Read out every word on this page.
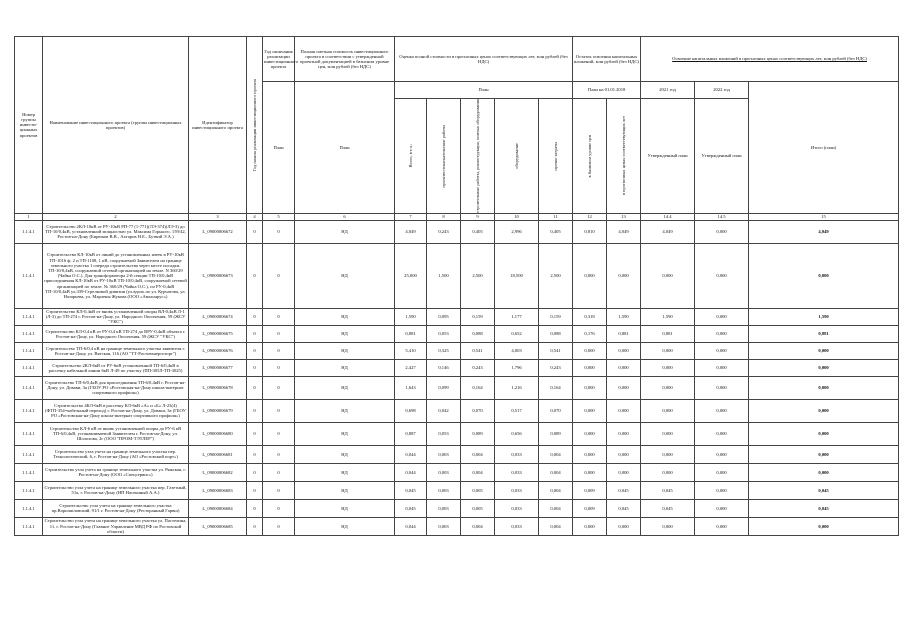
Номер группы инвести-ционных проектов	Наименование инвестиционного проекта (группы инвестиционных проектов)	Идентификатор инвестиционного проекта	Год начала реализации инвестиционного проекта	Год окончания реализации инвестиционного проекта	Полная сметная стоимость инвестиционного проекта в соответствии с утвержденной проектной документацией в базисном уровне цен, млн рублей (без НДС)	Оценка полной стоимости в прогнозных ценах соответствующих лет, млн рублей (без НДС)					Остаток освоения капитальных вложений, млн рублей (без НДС)		Освоение капитальных вложений в прогнозных ценах соответствующих лет, млн рублей (без НДС)		
				План	План	План					План на 01.01.2018		2021 год	2022 год	Итого (план)

						Всего, в т.ч.:	проектно-изыскательские работы	строительные работы, реконструкция, монтаж оборудования	оборудование	прочие затраты	в базисном уровне цен	в прогнозных ценах соответствующих лет	Утвержденный план	Утвержденный план	
1	2	3	4	5	6	7	8	9	10	11	12	13	14.4	14.5	15
1.1.4.1	Строительство 2КЛ-10кВ от РУ-10кВ РП-77 (1-771)(ЛЭ-374)(ЛЭ-3) до ТП-10/0,4кВ, установленной мощностью ул. Максима Горького, 159/42, Ростов-на-Дону (Бирюков В.В., Ахтаров Н.Е., Бутвий Э.А.)	L_09000006672	0	0	НД	4,049	0,243	0,405	2,996	0,405	0,810	4,049	4,049	0,000	4,049
1.1.4.1	Строительство КЛ-10кВ от линий до установленных ячеек в РУ-10кВ ТП-1016 ф. 2 и ТП-1108, 1 кВ, сооружаемой Заявителем на границе земельного участка 1 очереди строительства через месте посадки. ТП-10/0,4кВ, сооружаемой сетевой организацией на земле. N 360/29 (Чайка О.С.). Для трансформатора 2-й секции ТП-10/0,4кВ присоединения КЛ-10кВ от РУ-10кВ ТП-10/0,4кВ, сооружаемой сетевой организацией по земле. № 360/29 (Чайка О.С.), по РУ-0,4кВ ТП-10/0,4кВ ул.339-Стрелковой дивизии (ул.вдоль по ул. Курчатова, ул. Назарьева, ул. Марлены Жукова (ООО «Авалонрус»)	L_09000006673	0	0	НД	25,000	1,500	2,500	18,500	2,500	0,000	0,000	0,000	0,000	0,000
1.1.4.1	Строительство КЛ-0,4кВ от вновь установленной опоры ВЛ-0,4кВ Л-1 (Л-3) до ТП-274 г. Ростов-на-Дону, ул. Народного Ополчения, 59 (ЖСУ "УКС")	L_09000006674	0	0	НД	1,590	0,095	0,159	1,177	0,159	0,318	1,590	1,590	0,000	1,590
1.1.4.1	Строительство КЛ-0,4 кВ от РУ-0,4 кВ ТП-274 до ВРУ-0,4кВ объекта г. Ростов-на-Дону, ул. Народного Ополчения, 59 (ЖСУ "УКС")	L_09000006675	0	0	НД	0,881	0,053	0,088	0,652	0,088	0,176	0,881	0,881	0,000	0,881
1.1.4.1	Строительство ТП-6/0,4 кВ на границе земельного участка заявителя г. Ростов-на-Дону, ул. Вятская, 116 (АО "ТТ-Ростовэнерготорг")	L_09000006676	0	0	НД	5,410	0,325	0,541	4,003	0,541	0,000	0,000	0,000	0,000	0,000
1.1.4.1	Строительство 2КЛ-6кВ от РУ-6кВ установленной ТП-6/0,4кВ в рассечку кабельной линии 6кВ Л-49 по участку (ПП-305Л-ТП-3025)	L_09000006677	0	0	НД	2,427	0,146	0,243	1,796	0,243	0,000	0,000	0,000	0,000	0,000
1.1.4.1	Строительство ТП-6/0,4кВ для присоединения ТП-6/0,4кВ г. Ростов-на-Дону, ул. Доваки, 3а (ГБОУ РО «Ростовская-на-Дону школа-интернат спортивного профиля»)	L_09000006678	0	0	НД	1,643	0,099	0,164	1,216	0,164	0,000	0,000	0,000	0,000	0,000
1.1.4.1	Строительство 4КЛ-6кВ в рассечку КЛ-6кВ «А» и «Б» Л-23(4) (ФТП-354=кабельный переход) г. Ростов-на-Дону, ул. Доваки, 3а (ГБОУ РО «Ростовская-на-Дону школа-интернат спортивного профиля»)	L_09000006679	0	0	НД	0,698	0,042	0,070	0,517	0,070	0,000	0,000	0,000	0,000	0,000
1.1.4.1	Строительство КЛ-6 кВ от вновь установленной опоры до РУ-6 кВ ТП-6/0,4кВ, устанавливаемой Заявителем г. Ростов-на-Дону, ул. Шолохова, 2г (ООО "ПРОМ-ТЭТЛЕР")	L_09000006680	0	0	НД	0,887	0,053	0,089	0,656	0,089	0,000	0,000	0,000	0,000	0,000
1.1.4.1	Строительство узла учета на границе земельного участка пер. Технологический, 6, г. Ростов-на-Дону (АО «Ростовский порт»)	L_09000006681	0	0	НД	0,044	0,003	0,004	0,033	0,004	0,000	0,000	0,000	0,000	0,000
1.1.4.1	Строительство узла учета на границе земельного участка ул. Ряжская, г. Ростов-на-Дону (ООО «Спецсервис»)	L_09000006682	0	0	НД	0,044	0,003	0,004	0,033	0,004	0,000	0,000	0,000	0,000	0,000
1.1.4.1	Строительство узла учета на границе земельного участка пер. Газетный, 51а, г. Ростов-на-Дону (ИП Насекиный А.А.)	L_09000006683	0	0	НД	0,045	0,003	0,005	0,033	0,004	0,009	0,045	0,045	0,000	0,045
1.1.4.1	Строительство узла учета на границе земельного участка пр.Ворошиловский, 91/1 г. Ростов-на-Дону (Ресторанный Гарвш)	L_09000006684	0	0	НД	0,045	0,003	0,005	0,033	0,004	0,009	0,045	0,045	0,000	0,045
1.1.4.1	Строительство узла учета на границе земельного участка ул. Пастелина, 11, г. Ростов-на-Дону (Главное Управление МВД РФ по Ростовской области)	L_09000006685	0	0	НД	0,044	0,003	0,004	0,033	0,004	0,000	0,000	0,000	0,000	0,000
